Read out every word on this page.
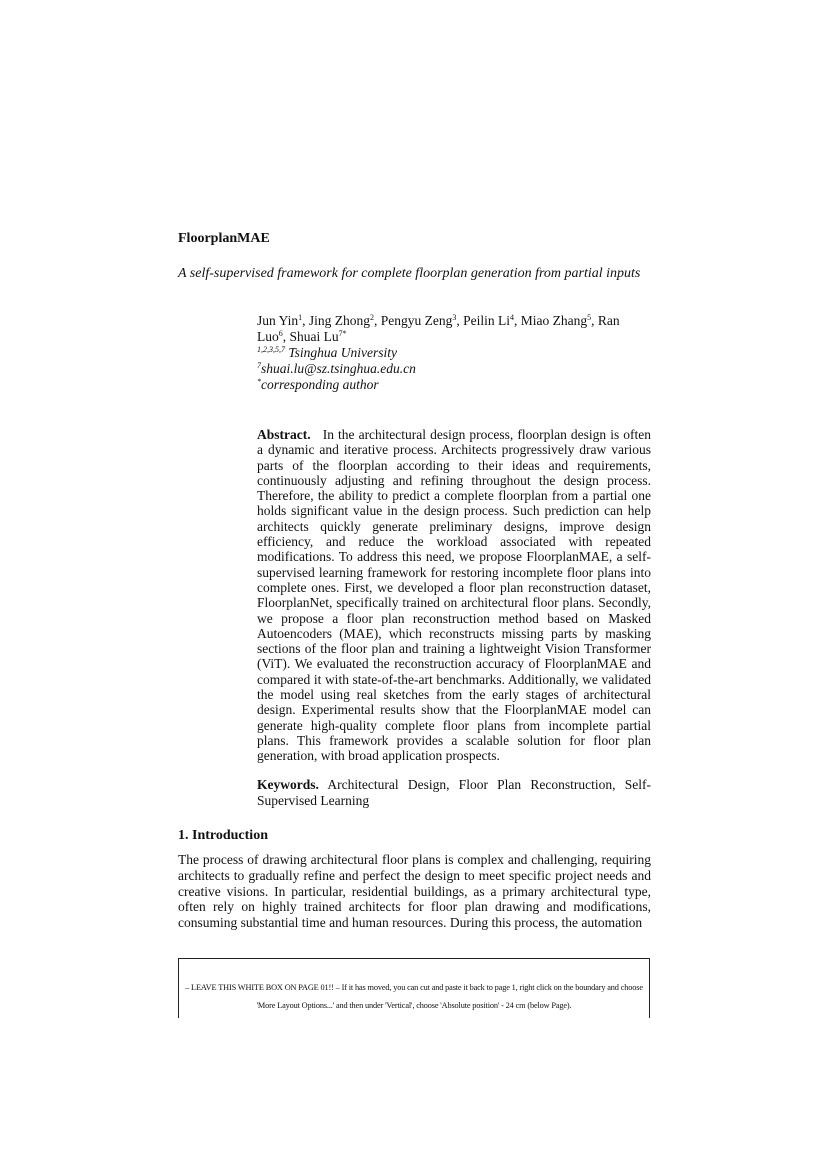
FloorplanMAE

A self-supervised framework for complete floorplan generation from partial inputs

Jun Yin$^1$, Jing Zhong$^2$, Pengyu Zeng$^3$, Peilin Li$^4$, Miao Zhang$^5$, Ran Luo$^6$, Shuai $Lu^{7*}$

$^{1,2,3,5,7}$ Tsinghua University

$^7$shuai.lu@sz.tsinghua.edu.cn

*corresponding author

Abstract. In the architectural design process, floorplan design is often a dynamic and iterative process. Architects progressively draw various parts of the floorplan according to their ideas and requirements, continuously adjusting and refining throughout the design process. Therefore, the ability to predict a complete floorplan from a partial one holds significant value in the design process. Such prediction can help architects quickly generate preliminary designs, improve design efficiency, and reduce the workload associated with repeated modifications. To address this need, we propose FloorplanMAE, a self-supervised learning framework for restoring incomplete floor plans into complete ones. First, we developed a floor plan reconstruction dataset, FloorplanNet, specifically trained on architectural floor plans. Secondly, we propose a floor plan reconstruction method based on Masked Autoencoders (MAE), which reconstructs missing parts by masking sections of the floor plan and training a lightweight Vision Transformer (ViT). We evaluated the reconstruction accuracy of FloorplanMAE and compared it with state-of-the-art benchmarks. Additionally, we validated the model using real sketches from the early stages of architectural design. Experimental results show that the FloorplanMAE model can generate high-quality complete floor plans from incomplete partial plans. This framework provides a scalable solution for floor plan generation, with broad application prospects.

Keywords. Architectural Design, Floor Plan Reconstruction, Self-Supervised Learning

1. Introduction

The process of drawing architectural floor plans is complex and challenging, requiring architects to gradually refine and perfect the design to meet specific project needs and creative visions. In particular, residential buildings, as a primary architectural type, often rely on highly trained architects for floor plan drawing and modifications, consuming substantial time and human resources. During this process, the automation

– LEAVE THIS WHITE BOX ON PAGE 01!! – If it has moved, you can cut and paste it back to page 1, right click on the boundary and choose 'More Layout Options...' and then under 'Vertical', choose 'Absolute position' - 24 cm (below Page).
